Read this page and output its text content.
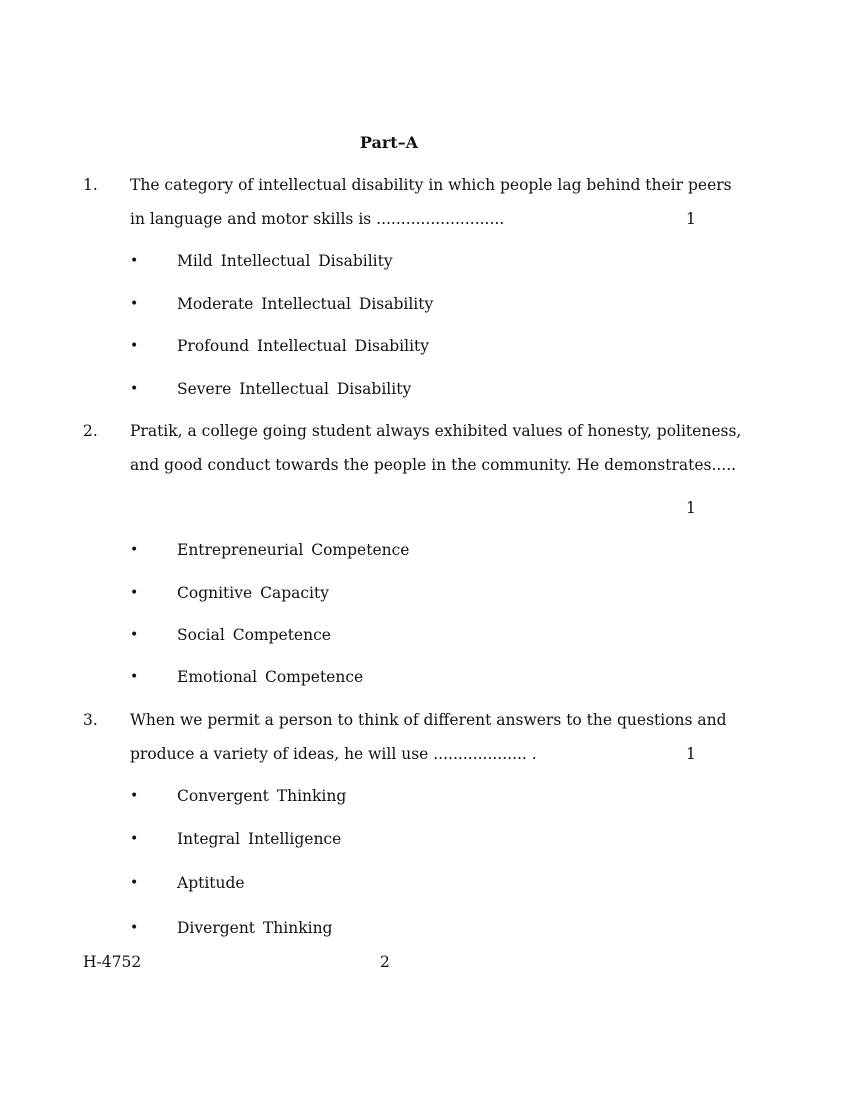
Part–A
1. The category of intellectual disability in which people lag behind their peers
in language and motor skills is ..........................	1
• Mild Intellectual Disability
• Moderate Intellectual Disability
• Profound Intellectual Disability
• Severe Intellectual Disability
2. Pratik, a college going student always exhibited values of honesty, politeness,
and good conduct towards the people in the community. He demonstrates.....
1
• Entrepreneurial Competence
• Cognitive Capacity
• Social Competence
• Emotional Competence
3. When we permit a person to think of different answers to the questions and
produce a variety of ideas, he will use ................... .	1
• Convergent Thinking
• Integral Intelligence
• Aptitude
• Divergent Thinking
H-4752	2
